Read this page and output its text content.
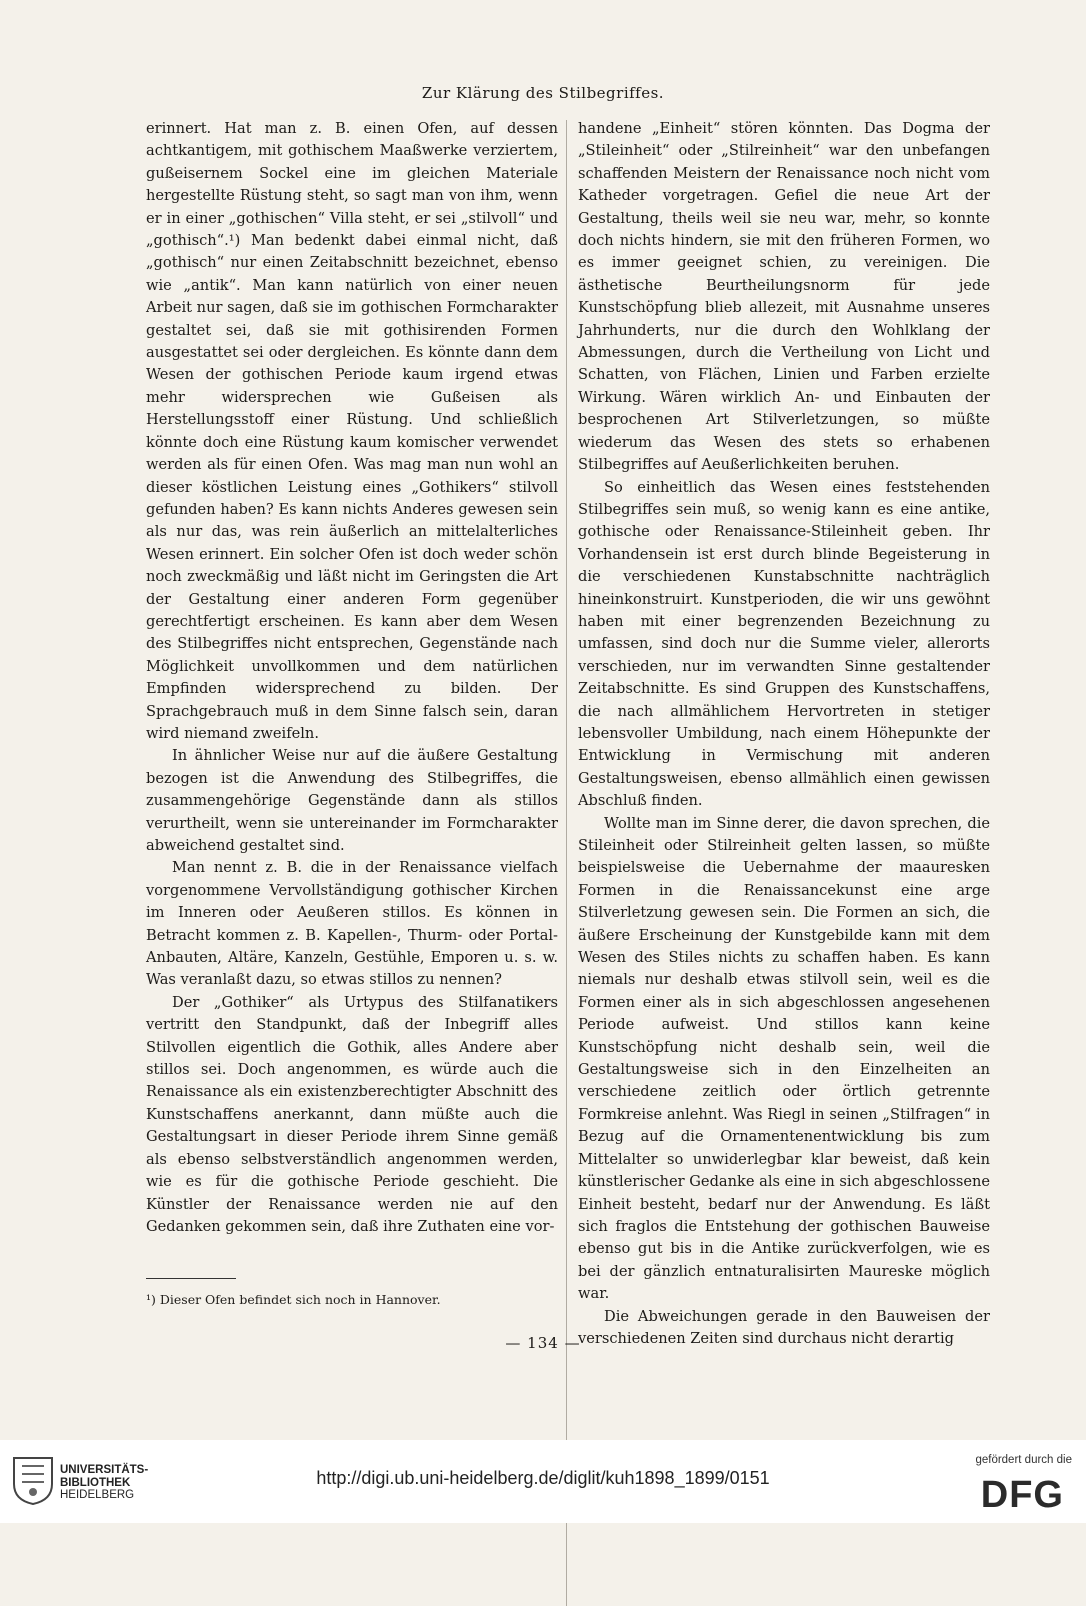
Zur Klärung des Stilbegriffes.

erinnert. Hat man z. B. einen Ofen, auf dessen achtkantigem, mit gothischem Maaßwerke verziertem, gußeisernem Sockel eine im gleichen Materiale hergestellte Rüstung steht, so sagt man von ihm, wenn er in einer „gothischen“ Villa steht, er sei „stilvoll“ und „gothisch“.¹) Man bedenkt dabei einmal nicht, daß „gothisch“ nur einen Zeitabschnitt bezeichnet, ebenso wie „antik“. Man kann natürlich von einer neuen Arbeit nur sagen, daß sie im gothischen Formcharakter gestaltet sei, daß sie mit gothisirenden Formen ausgestattet sei oder dergleichen. Es könnte dann dem Wesen der gothischen Periode kaum irgend etwas mehr widersprechen wie Gußeisen als Herstellungsstoff einer Rüstung. Und schließlich könnte doch eine Rüstung kaum komischer verwendet werden als für einen Ofen. Was mag man nun wohl an dieser köstlichen Leistung eines „Gothikers“ stilvoll gefunden haben? Es kann nichts Anderes gewesen sein als nur das, was rein äußerlich an mittelalterliches Wesen erinnert. Ein solcher Ofen ist doch weder schön noch zweckmäßig und läßt nicht im Geringsten die Art der Gestaltung einer anderen Form gegenüber gerechtfertigt erscheinen. Es kann aber dem Wesen des Stilbegriffes nicht entsprechen, Gegenstände nach Möglichkeit unvollkommen und dem natürlichen Empfinden widersprechend zu bilden. Der Sprachgebrauch muß in dem Sinne falsch sein, daran wird niemand zweifeln.

In ähnlicher Weise nur auf die äußere Gestaltung bezogen ist die Anwendung des Stilbegriffes, die zusammengehörige Gegenstände dann als stillos verurtheilt, wenn sie untereinander im Formcharakter abweichend gestaltet sind.

Man nennt z. B. die in der Renaissance vielfach vorgenommene Vervollständigung gothischer Kirchen im Inneren oder Aeußeren stillos. Es können in Betracht kommen z. B. Kapellen-, Thurm- oder Portal-Anbauten, Altäre, Kanzeln, Gestühle, Emporen u. s. w. Was veranlaßt dazu, so etwas stillos zu nennen?

Der „Gothiker“ als Urtypus des Stilfanatikers vertritt den Standpunkt, daß der Inbegriff alles Stilvollen eigentlich die Gothik, alles Andere aber stillos sei. Doch angenommen, es würde auch die Renaissance als ein existenzberechtigter Abschnitt des Kunstschaffens anerkannt, dann müßte auch die Gestaltungsart in dieser Periode ihrem Sinne gemäß als ebenso selbstverständlich angenommen werden, wie es für die gothische Periode geschieht. Die Künstler der Renaissance werden nie auf den Gedanken gekommen sein, daß ihre Zuthaten eine vor-

handene „Einheit“ stören könnten. Das Dogma der „Stileinheit“ oder „Stilreinheit“ war den unbefangen schaffenden Meistern der Renaissance noch nicht vom Katheder vorgetragen. Gefiel die neue Art der Gestaltung, theils weil sie neu war, mehr, so konnte doch nichts hindern, sie mit den früheren Formen, wo es immer geeignet schien, zu vereinigen. Die ästhetische Beurtheilungsnorm für jede Kunstschöpfung blieb allezeit, mit Ausnahme unseres Jahrhunderts, nur die durch den Wohlklang der Abmessungen, durch die Vertheilung von Licht und Schatten, von Flächen, Linien und Farben erzielte Wirkung. Wären wirklich An- und Einbauten der besprochenen Art Stilverletzungen, so müßte wiederum das Wesen des stets so erhabenen Stilbegriffes auf Aeußerlichkeiten beruhen.

So einheitlich das Wesen eines feststehenden Stilbegriffes sein muß, so wenig kann es eine antike, gothische oder Renaissance-Stileinheit geben. Ihr Vorhandensein ist erst durch blinde Begeisterung in die verschiedenen Kunstabschnitte nachträglich hineinkonstruirt. Kunstperioden, die wir uns gewöhnt haben mit einer begrenzenden Bezeichnung zu umfassen, sind doch nur die Summe vieler, allerorts verschieden, nur im verwandten Sinne gestaltender Zeitabschnitte. Es sind Gruppen des Kunstschaffens, die nach allmählichem Hervortreten in stetiger lebensvoller Umbildung, nach einem Höhepunkte der Entwicklung in Vermischung mit anderen Gestaltungsweisen, ebenso allmählich einen gewissen Abschluß finden.

Wollte man im Sinne derer, die davon sprechen, die Stileinheit oder Stilreinheit gelten lassen, so müßte beispielsweise die Uebernahme der maauresken Formen in die Renaissancekunst eine arge Stilverletzung gewesen sein. Die Formen an sich, die äußere Erscheinung der Kunstgebilde kann mit dem Wesen des Stiles nichts zu schaffen haben. Es kann niemals nur deshalb etwas stilvoll sein, weil es die Formen einer als in sich abgeschlossen angesehenen Periode aufweist. Und stillos kann keine Kunstschöpfung nicht deshalb sein, weil die Gestaltungsweise sich in den Einzelheiten an verschiedene zeitlich oder örtlich getrennte Formkreise anlehnt. Was Riegl in seinen „Stilfragen“ in Bezug auf die Ornamentenentwicklung bis zum Mittelalter so unwiderlegbar klar beweist, daß kein künstlerischer Gedanke als eine in sich abgeschlossene Einheit besteht, bedarf nur der Anwendung. Es läßt sich fraglos die Entstehung der gothischen Bauweise ebenso gut bis in die Antike zurückverfolgen, wie es bei der gänzlich entnaturalisirten Maureske möglich war.

Die Abweichungen gerade in den Bauweisen der verschiedenen Zeiten sind durchaus nicht derartig

¹) Dieser Ofen befindet sich noch in Hannover.
— 134 —
UNIVERSITÄTS-
BIBLIOTHEK
HEIDELBERG
http://digi.ub.uni-heidelberg.de/diglit/kuh1898_1899/0151
gefördert durch die
DFG
